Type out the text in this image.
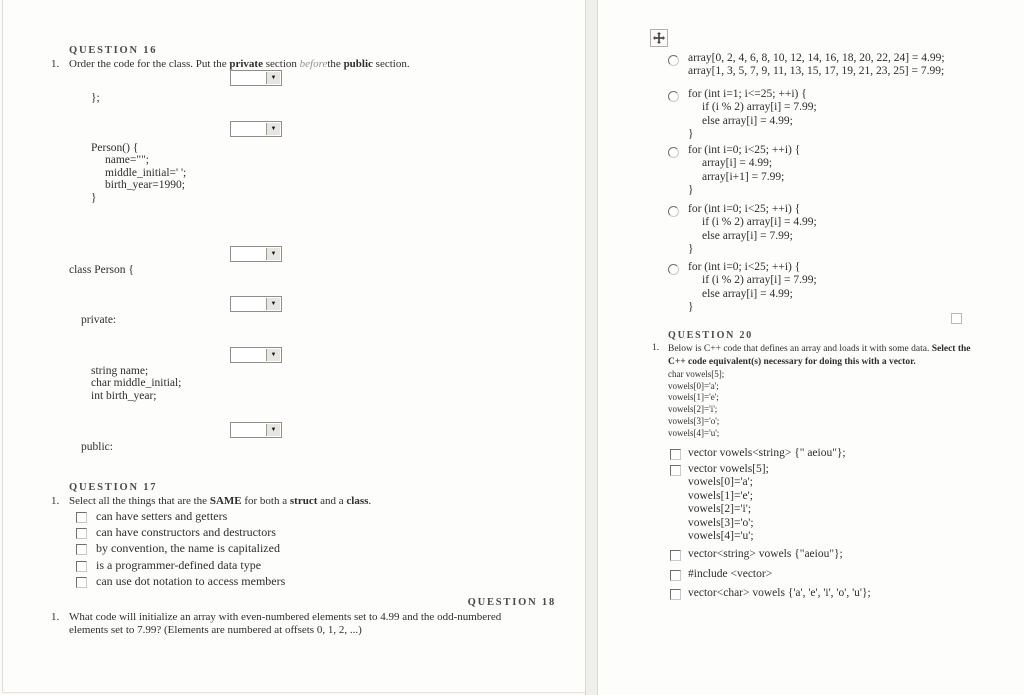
QUESTION 16
1. Order the code for the class. Put the private section beforethe public section.
▼
▼
▼
▼
▼
▼
};
Person() {
name="";
middle_initial=' ';
birth_year=1990;
}
class Person {
private:
string name;
char middle_initial;
int birth_year;
public:
QUESTION 17
1. Select all the things that are the SAME for both a struct and a class.
can have setters and getters
can have constructors and destructors
by convention, the name is capitalized
is a programmer-defined data type
can use dot notation to access members
QUESTION 18
1. What code will initialize an array with even-numbered elements set to 4.99 and the odd-numbered
elements set to 7.99? (Elements are numbered at offsets 0, 1, 2, ...)
array[0, 2, 4, 6, 8, 10, 12, 14, 16, 18, 20, 22, 24] = 4.99;
array[1, 3, 5, 7, 9, 11, 13, 15, 17, 19, 21, 23, 25] = 7.99;
for (int i=1; i<=25; ++i) {
if (i % 2) array[i] = 7.99;
else array[i] = 4.99;
}
for (int i=0; i<25; ++i) {
array[i] = 4.99;
array[i+1] = 7.99;
}
for (int i=0; i<25; ++i) {
if (i % 2) array[i] = 4.99;
else array[i] = 7.99;
}
for (int i=0; i<25; ++i) {
if (i % 2) array[i] = 7.99;
else array[i] = 4.99;
}
QUESTION 20
1. Below is C++ code that defines an array and loads it with some data. Select the
C++ code equivalent(s) necessary for doing this with a vector.
char vowels[5];
vowels[0]='a';
vowels[1]='e';
vowels[2]='i';
vowels[3]='o';
vowels[4]='u';
vector vowels<string> {" aeiou"};
vector vowels[5];
vowels[0]='a';
vowels[1]='e';
vowels[2]='i';
vowels[3]='o';
vowels[4]='u';
vector<string> vowels {"aeiou"};
#include <vector>
vector<char> vowels {'a', 'e', 'i', 'o', 'u'};
